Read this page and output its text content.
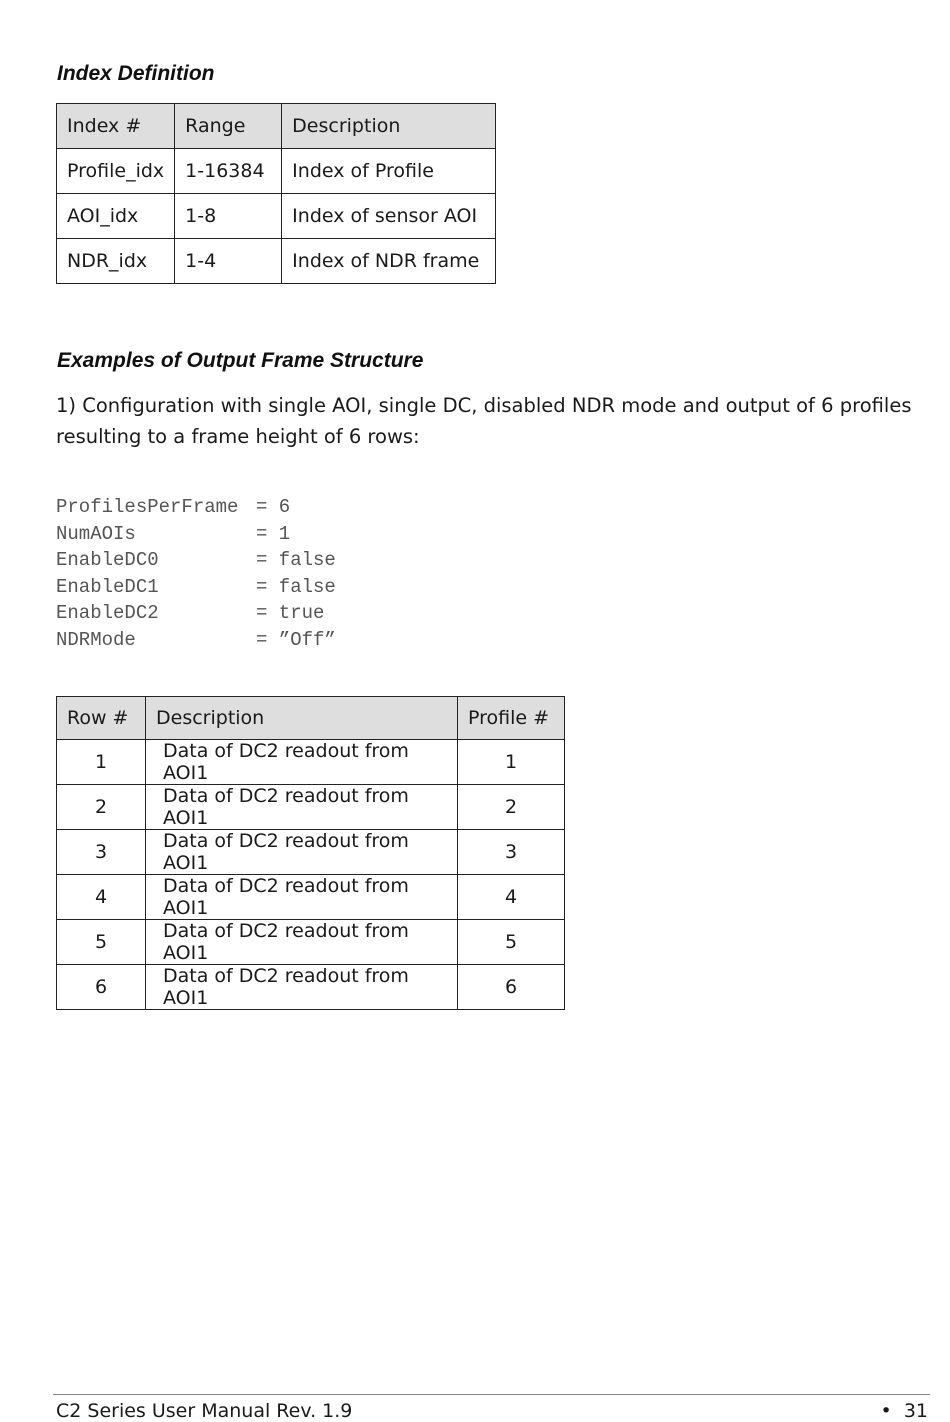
Index Definition
Index #	Range	Description
Profile_idx	1-16384	Index of Profile
AOI_idx	1-8	Index of sensor AOI
NDR_idx	1-4	Index of NDR frame
Examples of Output Frame Structure

1) Configuration with single AOI, single DC, disabled NDR mode and output of 6 profiles resulting to a frame height of 6 rows:

ProfilesPerFrame = 6
NumAOIs	= 1
EnableDC0	= false
EnableDC1	= false
EnableDC2	= true
NDRMode	= ”Off”
Row #	Description	Profile #
1	Data of DC2 readout from AOI1	1
2	Data of DC2 readout from AOI1	2
3	Data of DC2 readout from AOI1	3
4	Data of DC2 readout from AOI1	4
5	Data of DC2 readout from AOI1	5
6	Data of DC2 readout from AOI1	6

C2 Series User Manual Rev. 1.9	• 31
